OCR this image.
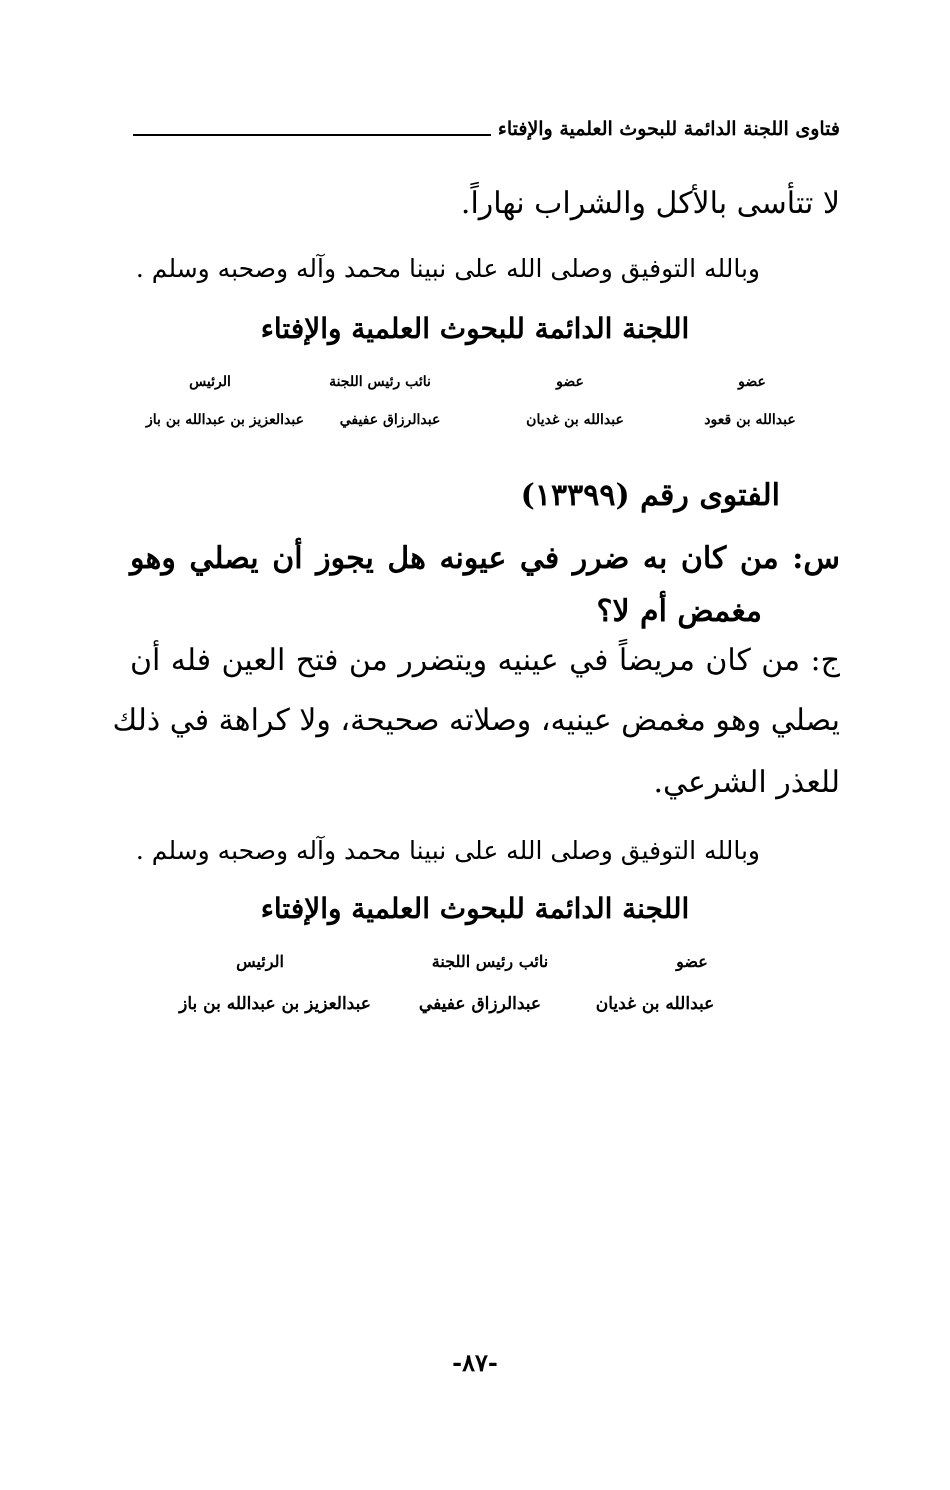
فتاوى اللجنة الدائمة للبحوث العلمية والإفتاء
لا تتأسى بالأكل والشراب نهاراً.
وبالله التوفيق وصلى الله على نبينا محمد وآله وصحبه وسلم .
اللجنة الدائمة للبحوث العلمية والإفتاء
عضو
عبدالله بن قعود
عضو
عبدالله بن غديان
نائب رئيس اللجنة
عبدالرزاق عفيفي
الرئيس
عبدالعزيز بن عبدالله بن باز
الفتوى رقم (١٣٣٩٩)
س: من كان به ضرر في عيونه هل يجوز أن يصلي وهو
مغمض أم لا؟
ج: من كان مريضاً في عينيه ويتضرر من فتح العين فله أن
يصلي وهو مغمض عينيه، وصلاته صحيحة، ولا كراهة في ذلك
للعذر الشرعي.
وبالله التوفيق وصلى الله على نبينا محمد وآله وصحبه وسلم .
اللجنة الدائمة للبحوث العلمية والإفتاء
عضو
عبدالله بن غديان
نائب رئيس اللجنة
عبدالرزاق عفيفي
الرئيس
عبدالعزيز بن عبدالله بن باز
-٨٧-
